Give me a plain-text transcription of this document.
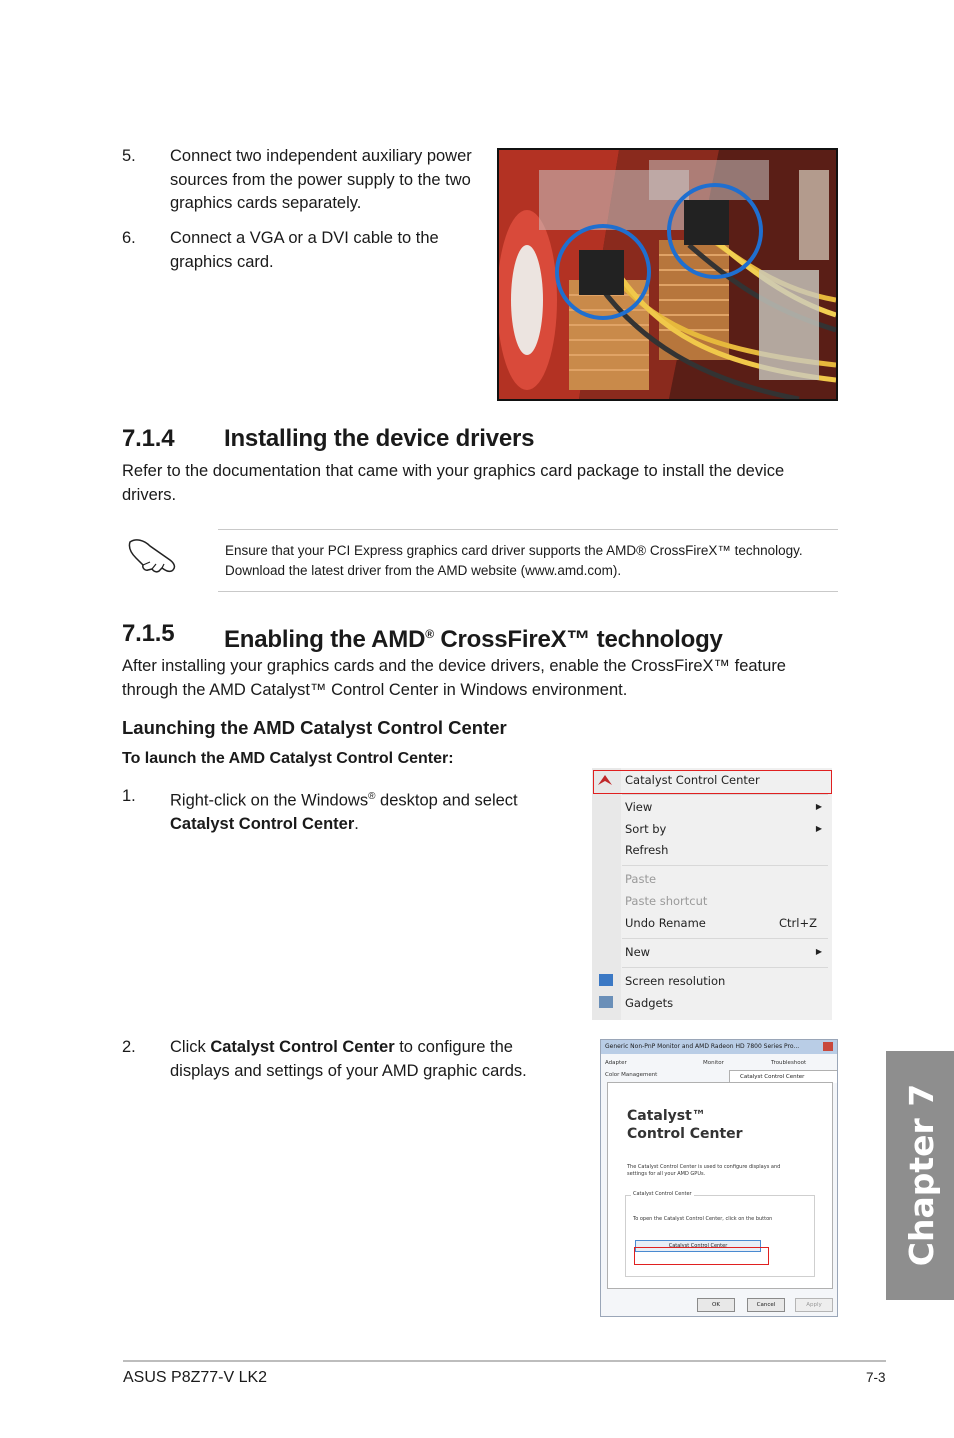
5. Connect two independent auxiliary power sources from the power supply to the two graphics cards separately.
6. Connect a VGA or a DVI cable to the graphics card.
7.1.4 Installing the device drivers
Refer to the documentation that came with your graphics card package to install the device drivers.
Ensure that your PCI Express graphics card driver supports the AMD® CrossFireX™ technology. Download the latest driver from the AMD website (www.amd.com).
7.1.5 Enabling the AMD® CrossFireX™ technology
After installing your graphics cards and the device drivers, enable the CrossFireX™ feature through the AMD Catalyst™ Control Center in Windows environment.
Launching the AMD Catalyst Control Center
To launch the AMD Catalyst Control Center:
1. Right-click on the Windows® desktop and select Catalyst Control Center.
Catalyst Control Center
View	▶
Sort by	▶
Refresh
Paste
Paste shortcut
Undo Rename	Ctrl+Z
New	▶
Screen resolution
Gadgets
2. Click Catalyst Control Center to configure the displays and settings of your AMD graphic cards.
Generic Non-PnP Monitor and AMD Radeon HD 7800 Series Pro...
Adapter	Monitor	Troubleshoot
Color Management	Catalyst Control Center
Catalyst™
Control Center
The Catalyst Control Center is used to configure displays and settings for all your AMD GPUs.
Catalyst Control Center
To open the Catalyst Control Center, click on the button
Catalyst Control Center
OK	Cancel	Apply
Chapter 7
ASUS P8Z77-V LK2	7-3
